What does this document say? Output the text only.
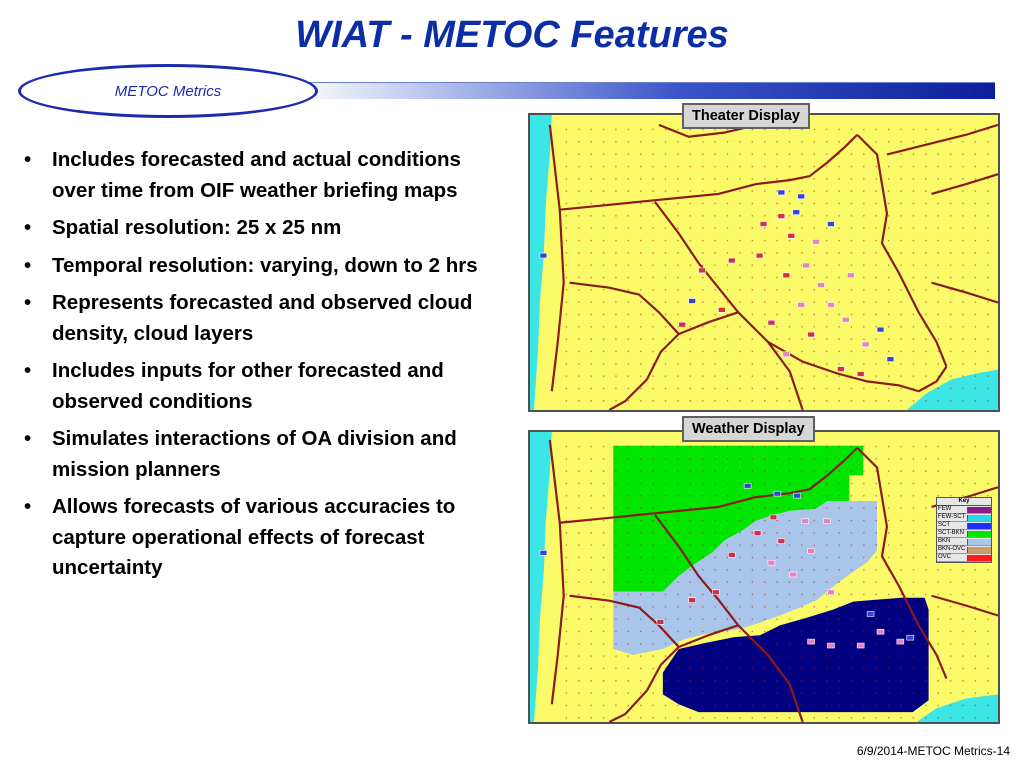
WIAT - METOC Features
METOC Metrics
• Includes forecasted and actual conditions over time from OIF weather briefing maps
• Spatial resolution: 25 x 25 nm
• Temporal resolution: varying, down to 2 hrs
• Represents forecasted and observed cloud density, cloud layers
• Includes inputs for other forecasted and observed conditions
• Simulates interactions of OA division and mission planners
• Allows forecasts of various accuracies to capture operational effects of forecast uncertainty
Theater Display
Weather Display
Key
FEW
FEW-SCT
SCT
SCT-BKN
BKN
BKN-OVC
OVC
6/9/2014-METOC Metrics-14
